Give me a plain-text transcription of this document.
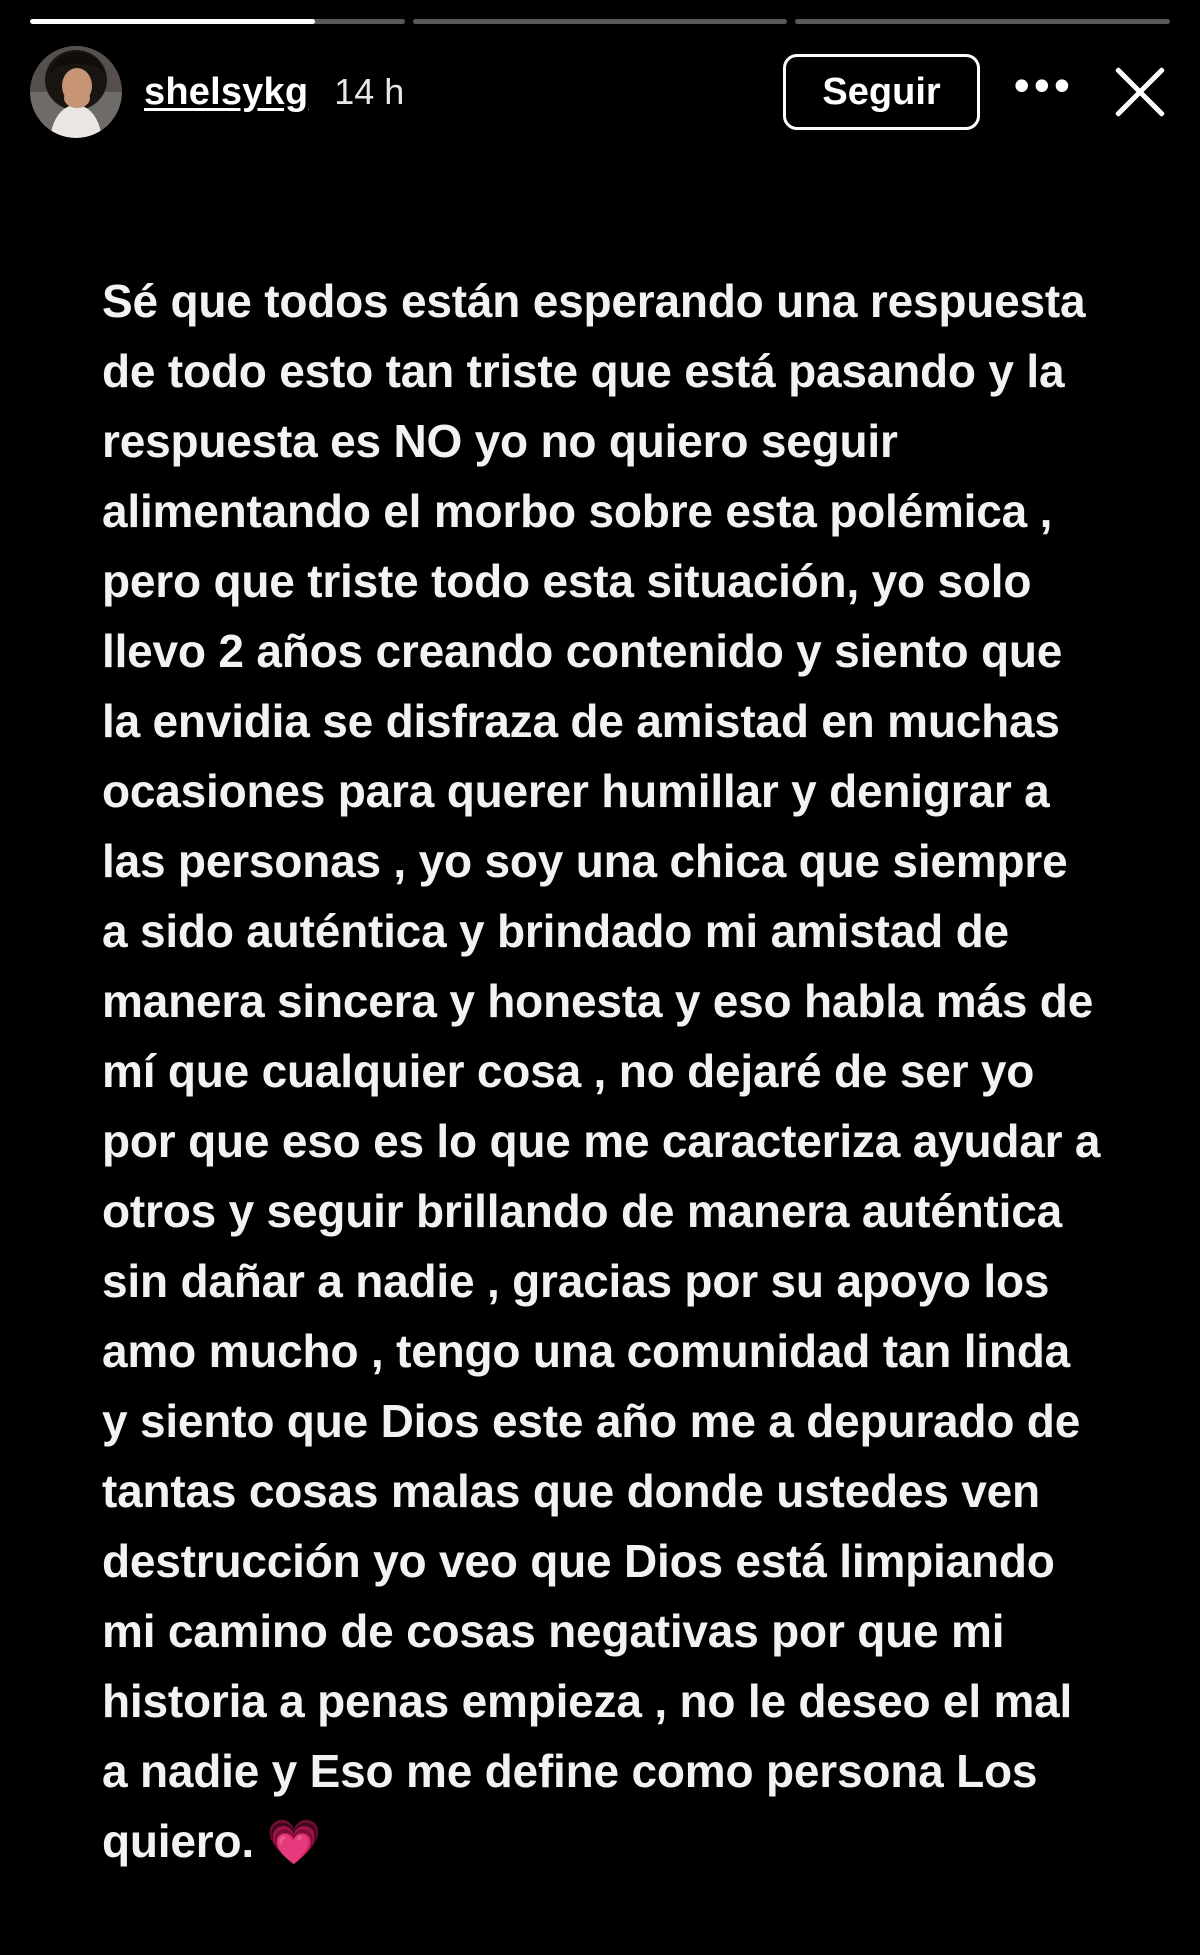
shelsykg 14 h	Seguir	•••
Sé que todos están esperando una respuesta de todo esto tan triste que está pasando y la respuesta es NO yo no quiero seguir alimentando el morbo sobre esta polémica , pero que triste todo esta situación, yo solo llevo 2 años creando contenido y siento que la envidia se disfraza de amistad en muchas ocasiones para querer humillar y denigrar a las personas , yo soy una chica que siempre a sido auténtica y brindado mi amistad de manera sincera y honesta y eso habla más de mí que cualquier cosa , no dejaré de ser yo por que eso es lo que me caracteriza ayudar a otros y seguir brillando de manera auténtica sin dañar a nadie , gracias por su apoyo los amo mucho , tengo una comunidad tan linda y siento que Dios este año me a depurado de tantas cosas malas que donde ustedes ven destrucción yo veo que Dios está limpiando mi camino de cosas negativas por que mi historia a penas empieza , no le deseo el mal a nadie y Eso me define como persona Los quiero. 💗
